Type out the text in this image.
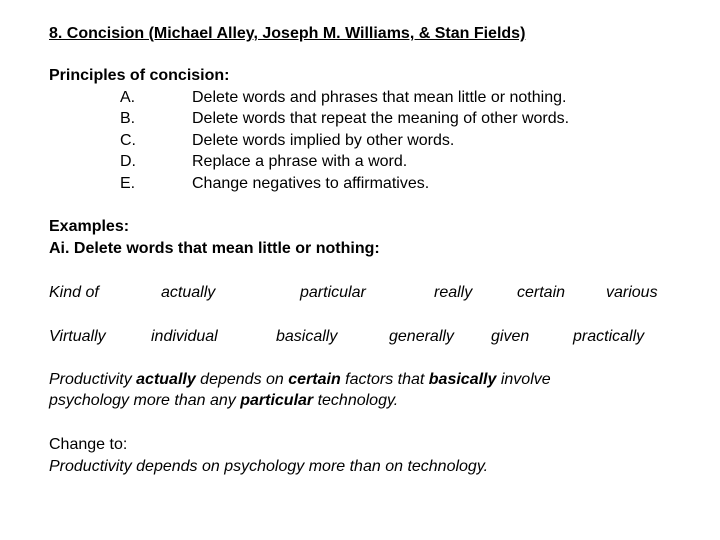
8. Concision (Michael Alley, Joseph M. Williams, & Stan Fields)
Principles of concision:
A.	Delete words and phrases that mean little or nothing.
B.	Delete words that repeat the meaning of other words.
C.	Delete words implied by other words.
D.	Replace a phrase with a word.
E.	Change negatives to affirmatives.
Examples:
Ai. Delete words that mean little or nothing:
Kind of	actually	particular	really	certain	various
Virtually	individual	basically	generally given	practically
Productivity actually depends on certain factors that basically involve
psychology more than any particular technology.
Change to:
Productivity depends on psychology more than on technology.
